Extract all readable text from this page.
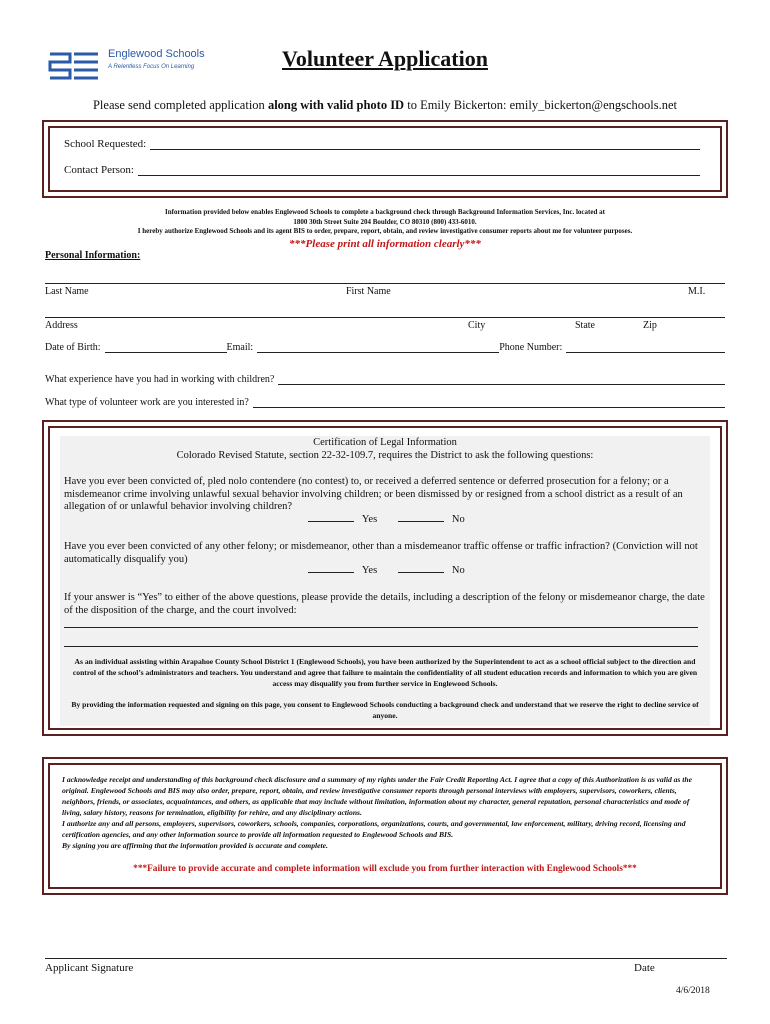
Englewood Schools
A Relentless Focus On Learning	Volunteer Application
Please send completed application along with valid photo ID to Emily Bickerton: emily_bickerton@engschools.net
School Requested:
Contact Person:
Information provided below enables Englewood Schools to complete a background check through Background Information Services, Inc. located at
1800 30th Street Suite 204 Boulder, CO 80310 (800) 433-6010.
I hereby authorize Englewood Schools and its agent BIS to order, prepare, report, obtain, and review investigative consumer reports about me for volunteer purposes.
***Please print all information clearly***
Personal Information:
Last Name	First Name	M.I.
Address	City	State	Zip
Date of Birth:	Email:	Phone Number:
What experience have you had in working with children?
What type of volunteer work are you interested in?
Certification of Legal Information
Colorado Revised Statute, section 22-32-109.7, requires the District to ask the following questions:
Have you ever been convicted of, pled nolo contendere (no contest) to, or received a deferred sentence or deferred prosecution for a felony; or a misdemeanor crime involving unlawful sexual behavior involving children; or been dismissed by or resigned from a school district as a result of an allegation of or unlawful behavior involving children?
Yes	No
Have you ever been convicted of any other felony; or misdemeanor, other than a misdemeanor traffic offense or traffic infraction? (Conviction will not automatically disqualify you)
Yes	No
If your answer is “Yes” to either of the above questions, please provide the details, including a description of the felony or misdemeanor charge, the date of the disposition of the charge, and the court involved:
As an individual assisting within Arapahoe County School District 1 (Englewood Schools), you have been authorized by the Superintendent to act as a school official subject to the direction and control of the school’s administrators and teachers. You understand and agree that failure to maintain the confidentiality of all student education records and information to which you are given access may disqualify you from further service in Englewood Schools.
By providing the information requested and signing on this page, you consent to Englewood Schools conducting a background check and understand that we reserve the right to decline service of anyone.
I acknowledge receipt and understanding of this background check disclosure and a summary of my rights under the Fair Credit Reporting Act. I agree that a copy of this Authorization is as valid as the original. Englewood Schools and BIS may also order, prepare, report, obtain, and review investigative consumer reports through personal interviews with employers, supervisors, coworkers, clients, neighbors, friends, or associates, acquaintances, and others, as applicable that may include without limitation, information about my character, general reputation, personal characteristics and mode of living, salary history, reasons for termination, eligibility for rehire, and any disciplinary actions.
I authorize any and all persons, employers, supervisors, coworkers, schools, companies, corporations, organizations, courts, and governmental, law enforcement, military, driving record, licensing and certification agencies, and any other information source to provide all information requested to Englewood Schools and BIS.
By signing you are affirming that the information provided is accurate and complete.
***Failure to provide accurate and complete information will exclude you from further interaction with Englewood Schools***
Applicant Signature	Date
4/6/2018
